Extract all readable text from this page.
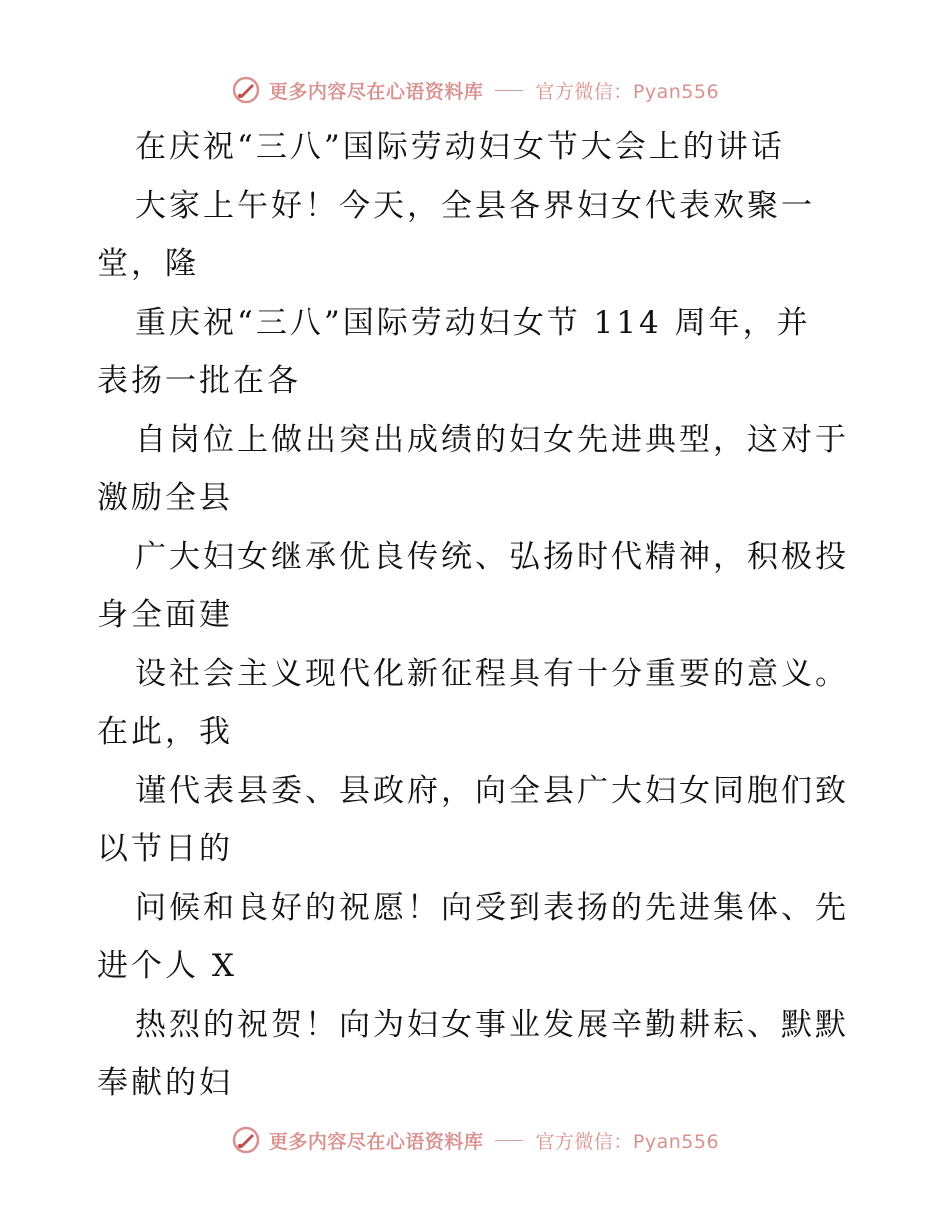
更多内容尽在心语资料库	官方微信：Pyan556
在庆祝“三八”国际劳动妇女节大会上的讲话
大家上午好！今天，全县各界妇女代表欢聚一
堂，隆
重庆祝“三八”国际劳动妇女节 114 周年，并
表扬一批在各
自岗位上做出突出成绩的妇女先进典型，这对于
激励全县
广大妇女继承优良传统、弘扬时代精神，积极投
身全面建
设社会主义现代化新征程具有十分重要的意义。
在此，我
谨代表县委、县政府，向全县广大妇女同胞们致
以节日的
问候和良好的祝愿！向受到表扬的先进集体、先
进个人 X
热烈的祝贺！向为妇女事业发展辛勤耕耘、默默
奉献的妇
更多内容尽在心语资料库	官方微信：Pyan556
